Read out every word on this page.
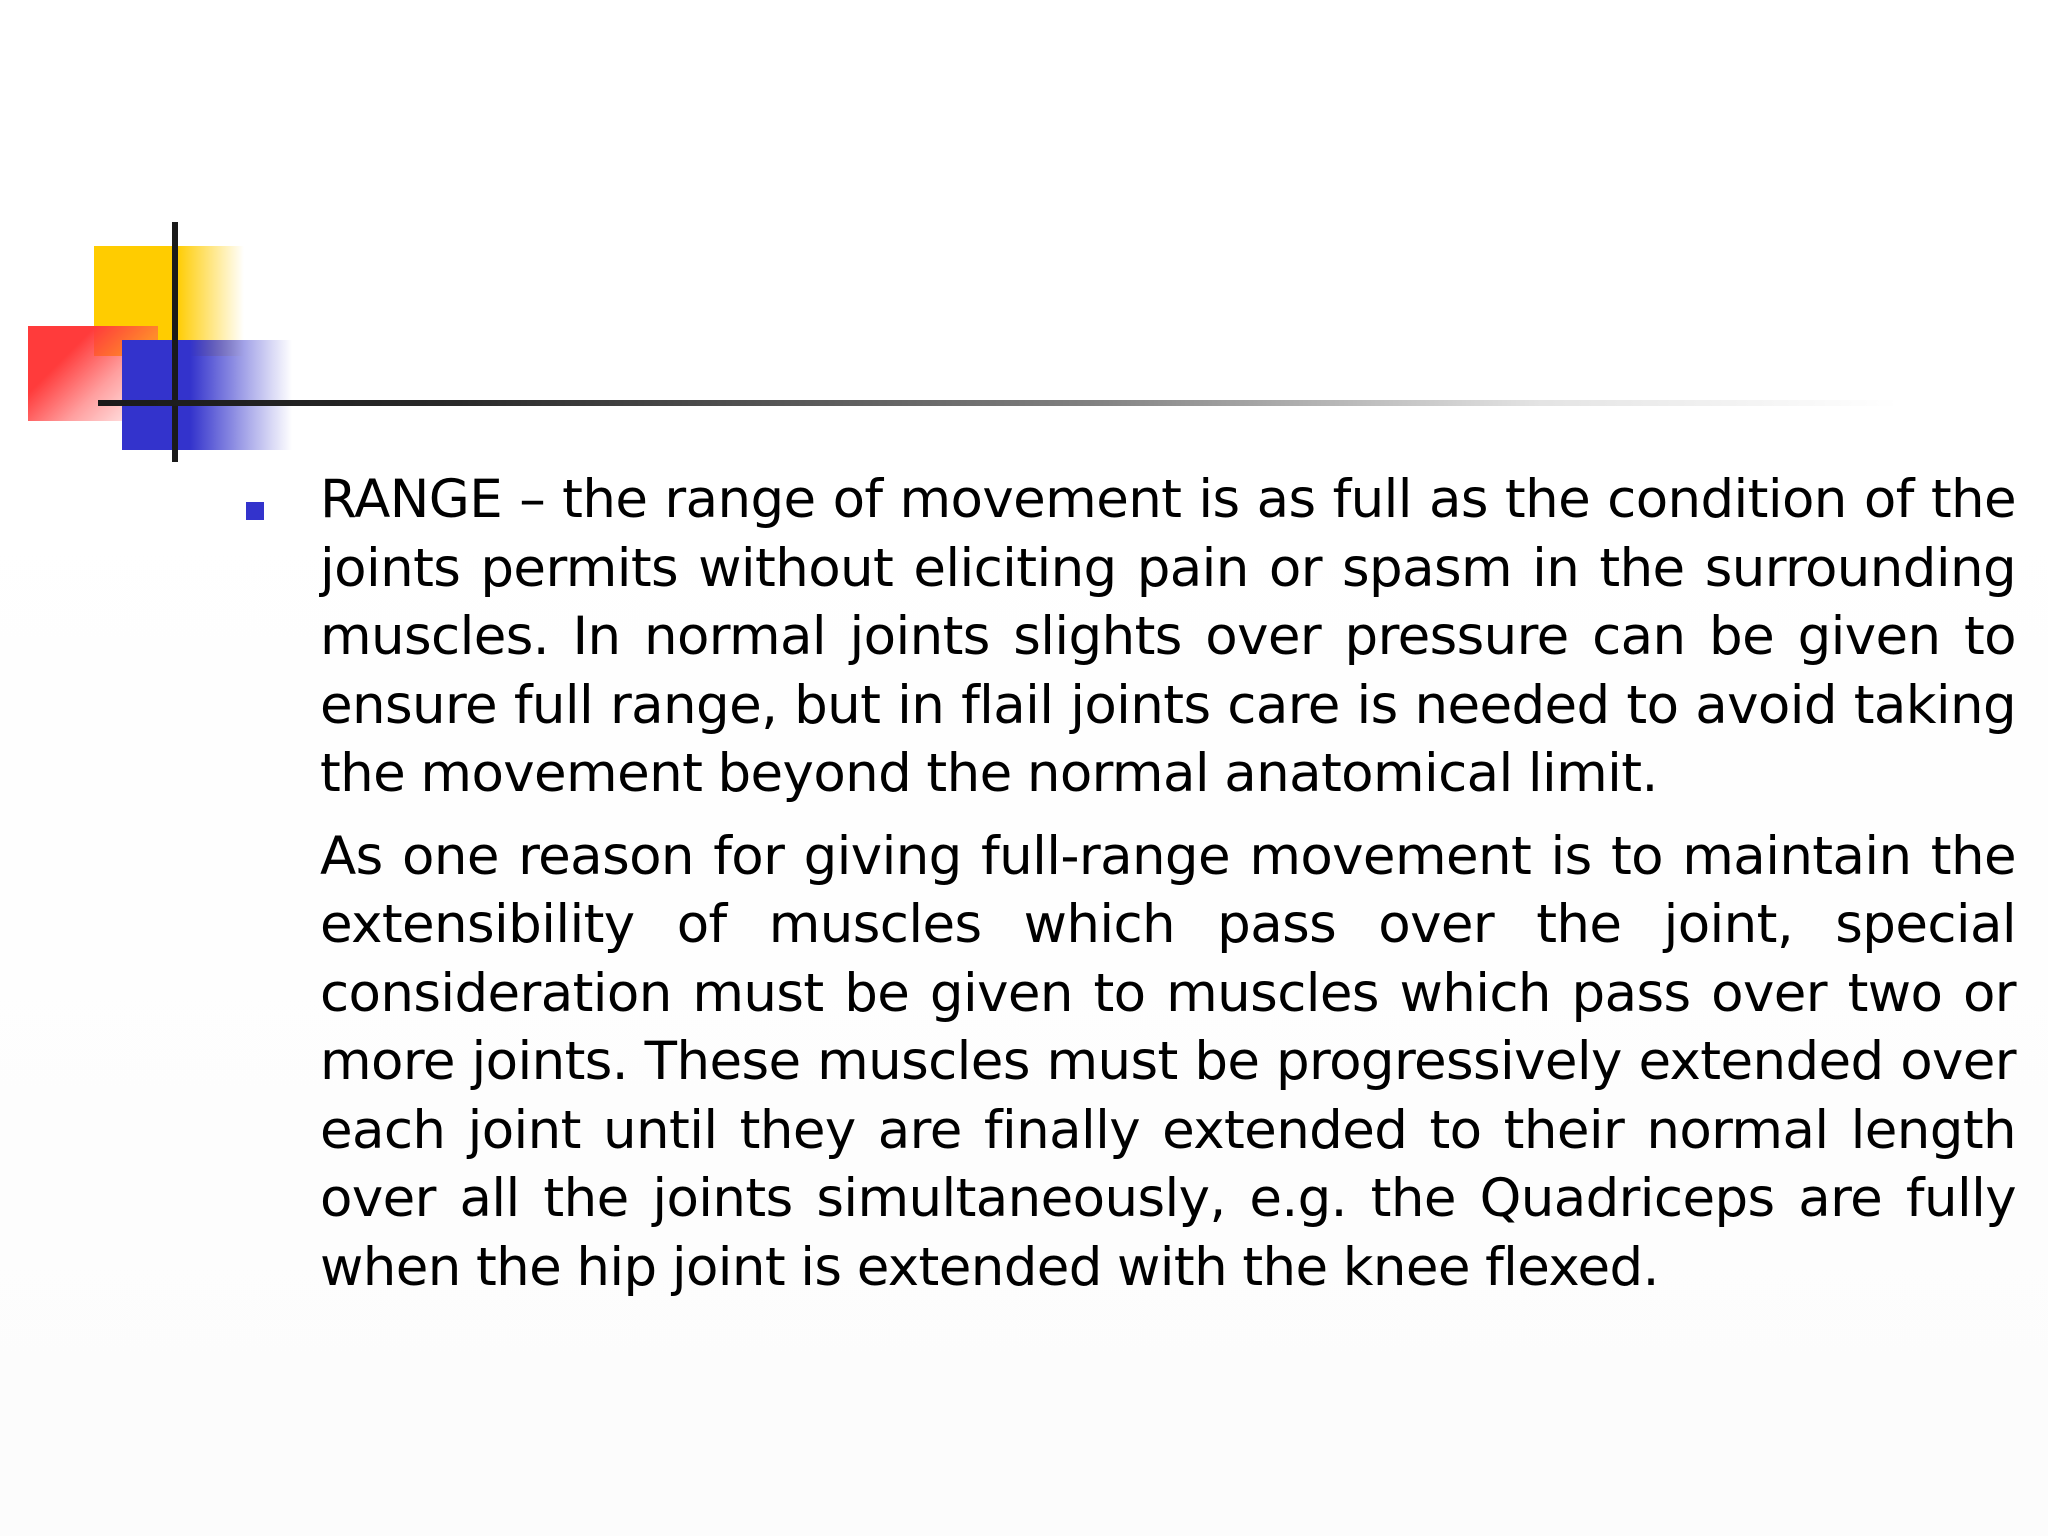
RANGE – the range of movement is as full as the condition of the joints permits without eliciting pain or spasm in the surrounding muscles. In normal joints slights over pressure can be given to ensure full range, but in flail joints care is needed to avoid taking the movement beyond the normal anatomical limit.

As one reason for giving full-range movement is to maintain the extensibility of muscles which pass over the joint, special consideration must be given to muscles which pass over two or more joints. These muscles must be progressively extended over each joint until they are finally extended to their normal length over all the joints simultaneously, e.g. the Quadriceps are fully when the hip joint is extended with the knee flexed.
